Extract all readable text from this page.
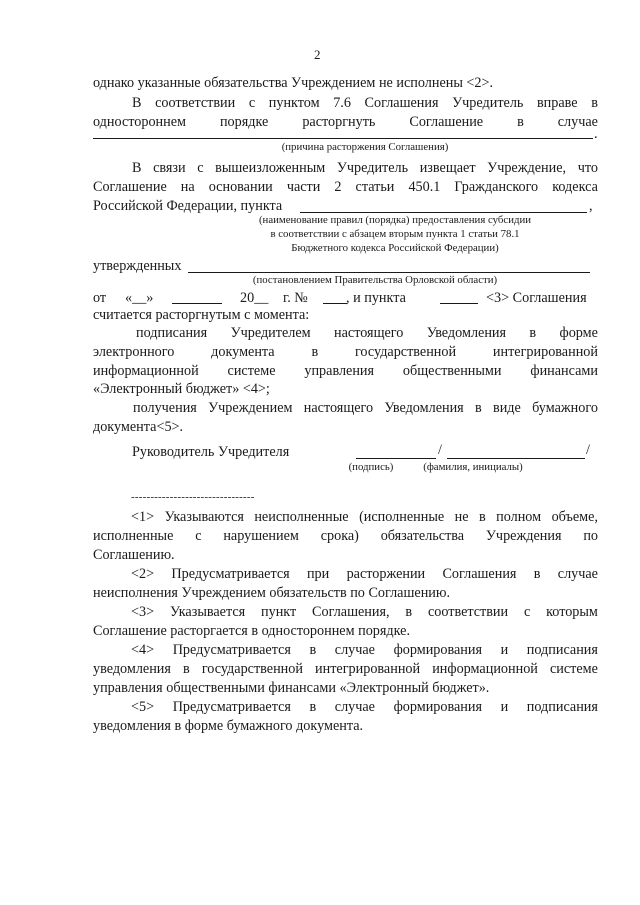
2
однако указанные обязательства Учреждением не исполнены <2>.
В соответствии с пунктом 7.6 Соглашения Учредитель вправе в
одностороннем порядке расторгнуть Соглашение в случае
.
(причина расторжения Соглашения)
В связи с вышеизложенным Учредитель извещает Учреждение, что
Соглашение на основании части 2 статьи 450.1 Гражданского кодекса
Российской Федерации, пункта	,
(наименование правил (порядка) предоставления субсидии
в соответствии с абзацем вторым пункта 1 статьи 78.1
Бюджетного кодекса Российской Федерации)
утвержденных
(постановлением Правительства Орловской области)
от «__»	20__ г. №	, и пункта	<3> Соглашения
считается расторгнутым с момента:
подписания Учредителем настоящего Уведомления в форме
электронного	документа	в	государственной	интегрированной
информационной системе управления общественными финансами
«Электронный бюджет» <4>;
получения Учреждением настоящего Уведомления в виде бумажного
документа<5>.
Руководитель Учредителя	/	/
(подпись)	(фамилия, инициалы)
--------------------------------
<1> Указываются неисполненные (исполненные не в полном объеме,
исполненные с нарушением срока) обязательства Учреждения по
Соглашению.
<2> Предусматривается при расторжении Соглашения в случае
неисполнения Учреждением обязательств по Соглашению.
<3> Указывается пункт Соглашения, в соответствии с которым
Соглашение расторгается в одностороннем порядке.
<4> Предусматривается в случае формирования и подписания
уведомления в государственной интегрированной информационной системе
управления общественными финансами «Электронный бюджет».
<5> Предусматривается в случае формирования и подписания
уведомления в форме бумажного документа.
